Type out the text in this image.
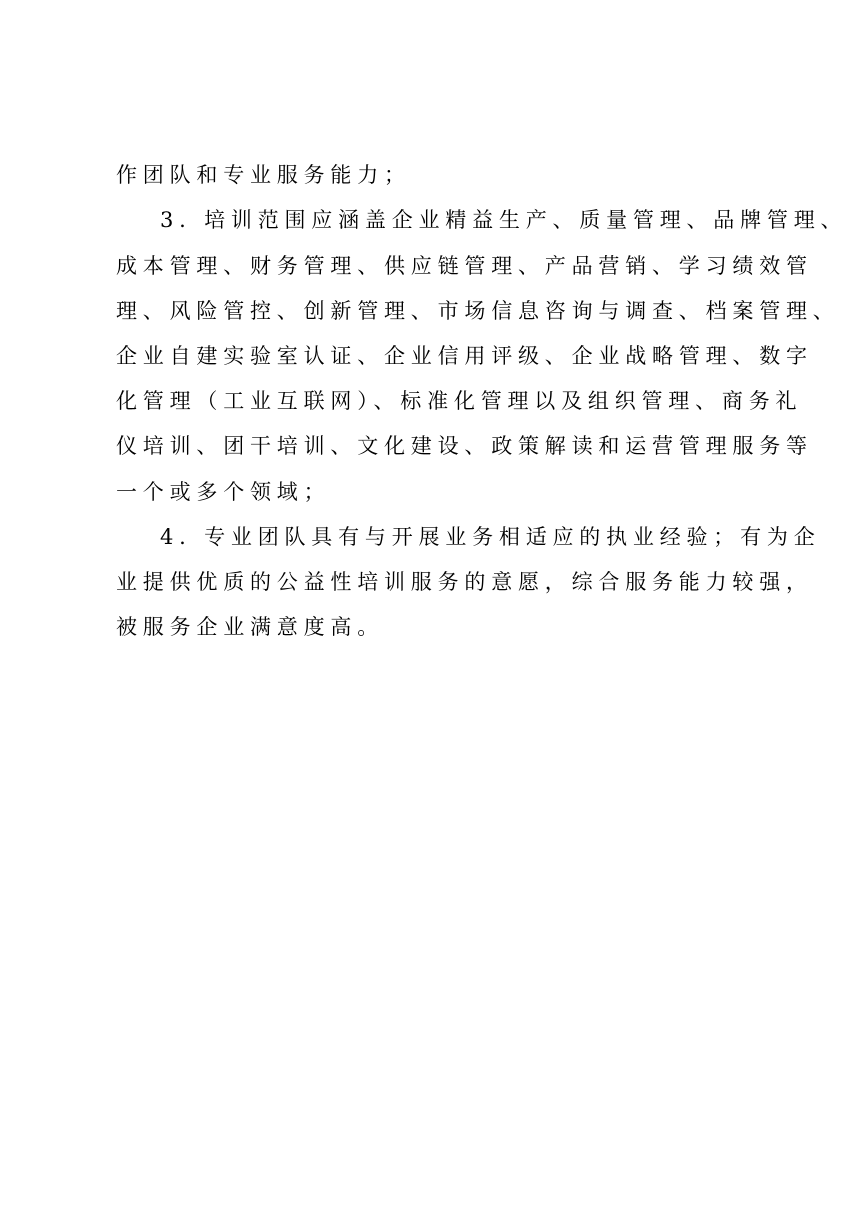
作团队和专业服务能力；
3. 培训范围应涵盖企业精益生产、质量管理、品牌管理、
成本管理、财务管理、供应链管理、产品营销、学习绩效管
理、风险管控、创新管理、市场信息咨询与调查、档案管理、
企业自建实验室认证、企业信用评级、企业战略管理、数字
化管理（工业互联网）、标准化管理以及组织管理、商务礼
仪培训、团干培训、文化建设、政策解读和运营管理服务等
一个或多个领域；
4. 专业团队具有与开展业务相适应的执业经验；有为企
业提供优质的公益性培训服务的意愿，综合服务能力较强，
被服务企业满意度高。
